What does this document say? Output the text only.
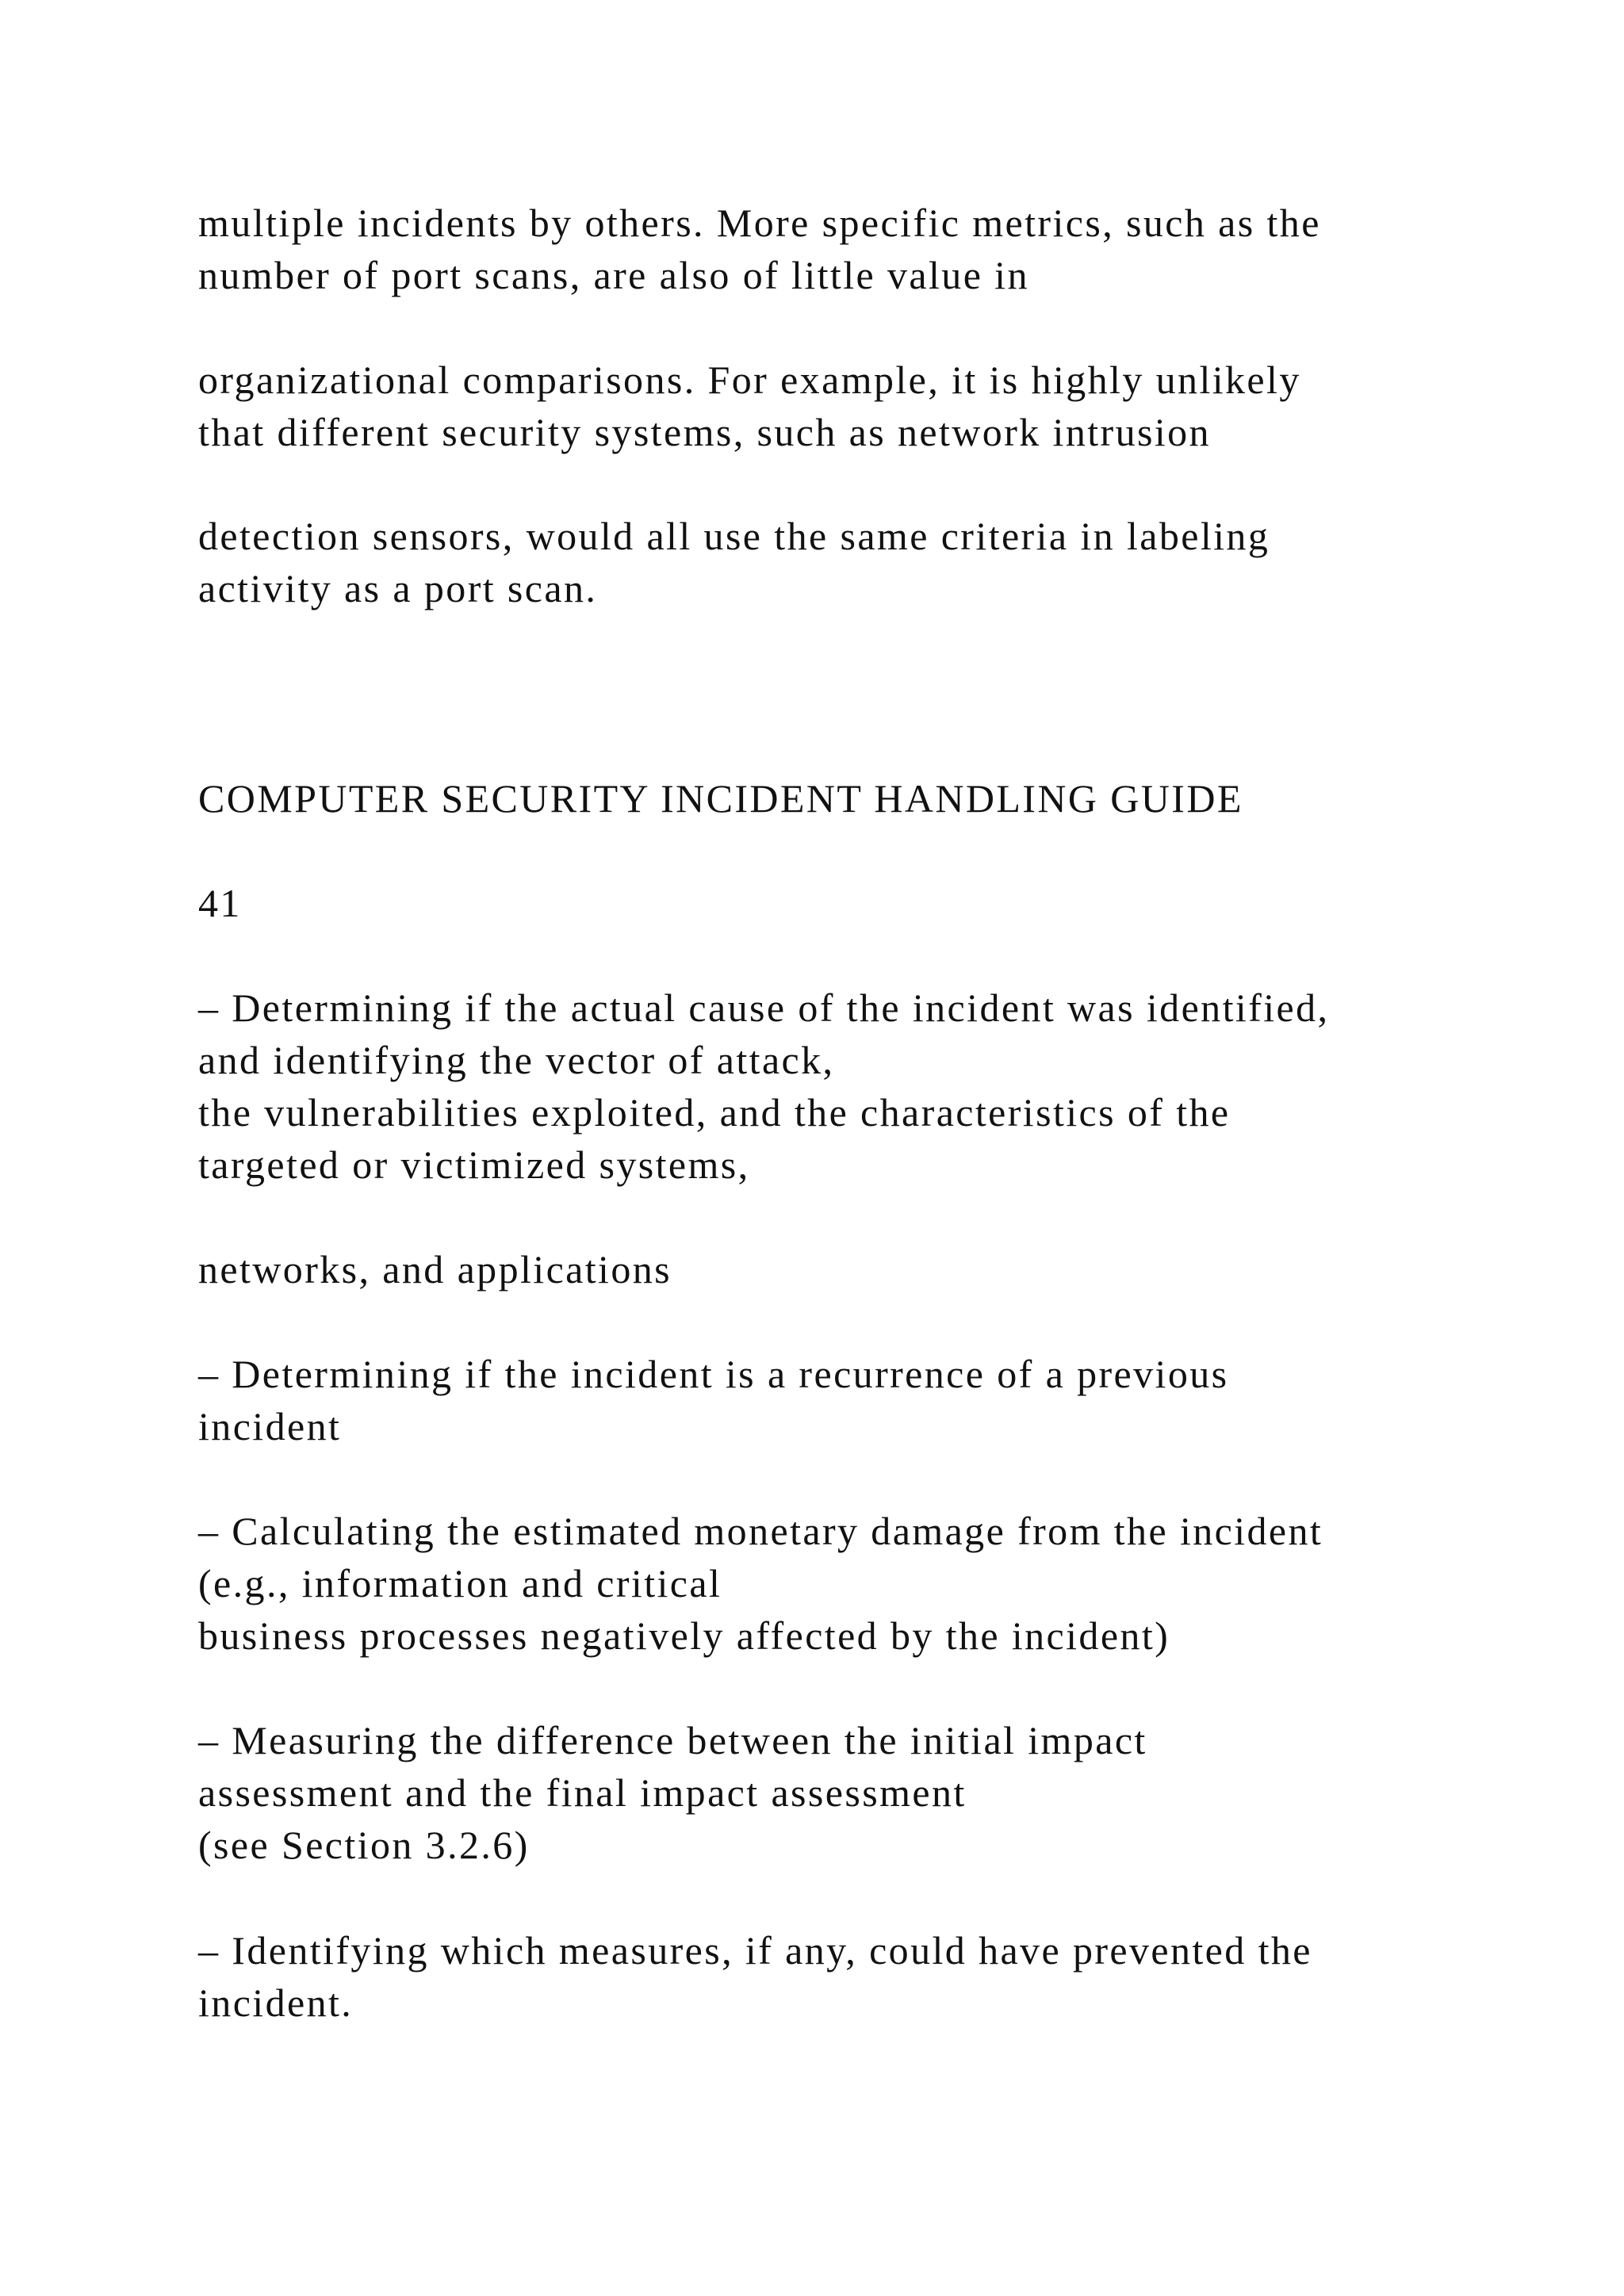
multiple incidents by others. More specific metrics, such as the
number of port scans, are also of little value in

organizational comparisons. For example, it is highly unlikely
that different security systems, such as network intrusion

detection sensors, would all use the same criteria in labeling
activity as a port scan.

COMPUTER SECURITY INCIDENT HANDLING GUIDE

41

– Determining if the actual cause of the incident was identified,
and identifying the vector of attack,
the vulnerabilities exploited, and the characteristics of the
targeted or victimized systems,

networks, and applications

– Determining if the incident is a recurrence of a previous
incident

– Calculating the estimated monetary damage from the incident
(e.g., information and critical
business processes negatively affected by the incident)

– Measuring the difference between the initial impact
assessment and the final impact assessment
(see Section 3.2.6)

– Identifying which measures, if any, could have prevented the
incident.
